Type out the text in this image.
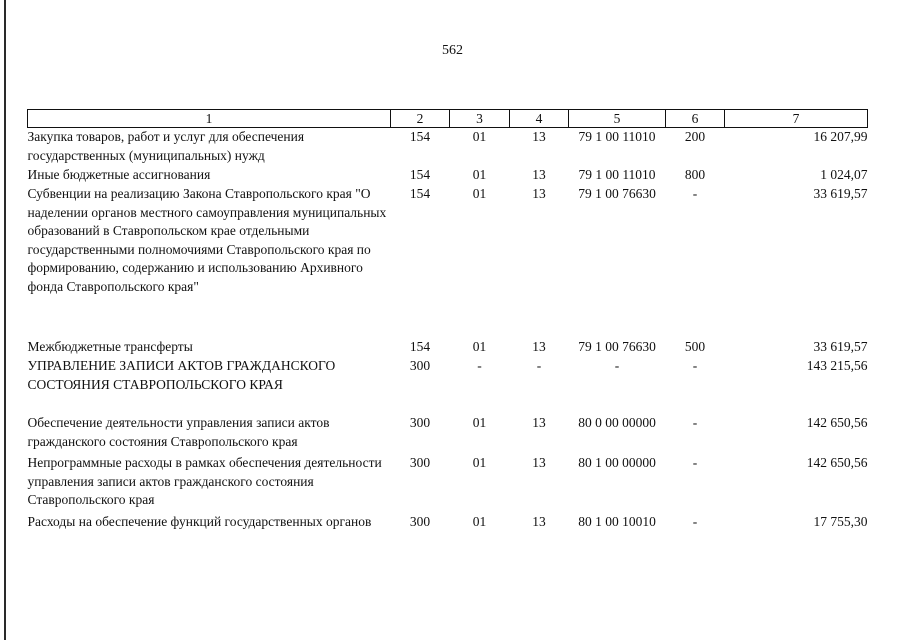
562
1	2	3	4	5	6	7
Закупка товаров, работ и услуг для обеспечения государственных (муниципальных) нужд	154	01	13	79 1 00 11010	200	16 207,99
Иные бюджетные ассигнования	154	01	13	79 1 00 11010	800	1 024,07
Субвенции на реализацию Закона Ставропольского края "О наделении органов местного самоуправления муниципальных образований в Ставропольском крае отдельными государственными полномочиями Ставропольского края по формированию, содержанию и использованию Архивного фонда Ставропольского края"	154	01	13	79 1 00 76630	-	33 619,57
Межбюджетные трансферты	154	01	13	79 1 00 76630	500	33 619,57
УПРАВЛЕНИЕ ЗАПИСИ АКТОВ ГРАЖДАНСКОГО СОСТОЯНИЯ СТАВРОПОЛЬСКОГО КРАЯ	300	-	-	-	-	143 215,56
Обеспечение деятельности управления записи актов гражданского состояния Ставропольского края	300	01	13	80 0 00 00000	-	142 650,56
Непрограммные расходы в рамках обеспечения деятельности управления записи актов гражданского состояния Ставропольского края	300	01	13	80 1 00 00000	-	142 650,56
Расходы на обеспечение функций государственных органов	300	01	13	80 1 00 10010	-	17 755,30
